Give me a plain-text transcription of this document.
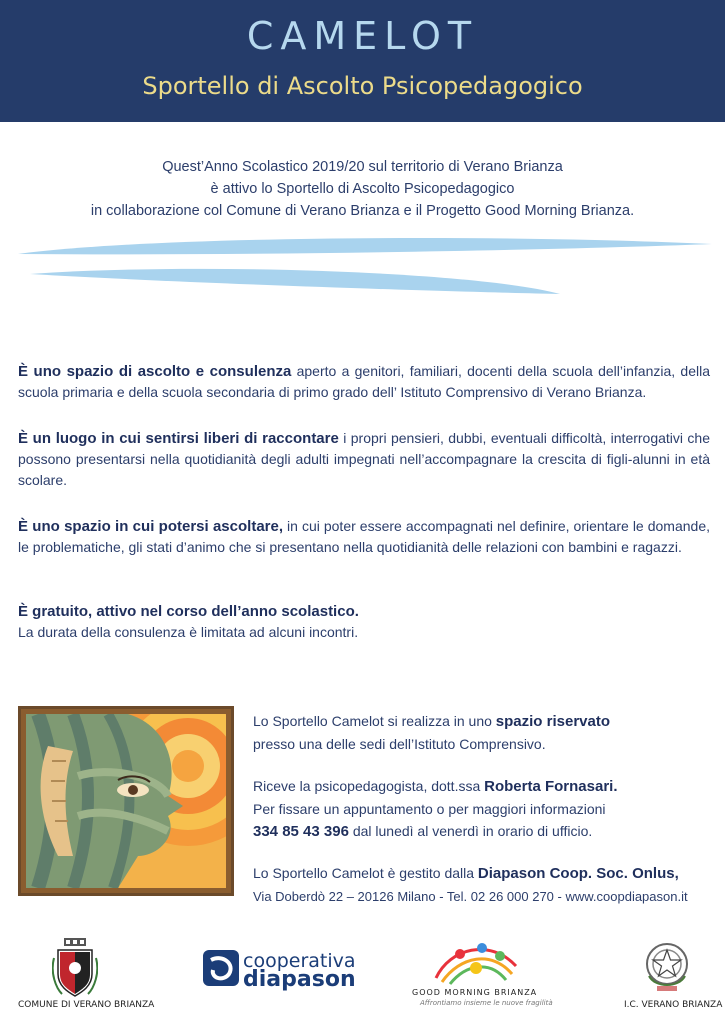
CAMELOT
Sportello di Ascolto Psicopedagogico
Quest’Anno Scolastico 2019/20 sul territorio di Verano Brianza
è attivo lo Sportello di Ascolto Psicopedagogico
in collaborazione col Comune di Verano Brianza e il Progetto Good Morning Brianza.
È uno spazio di ascolto e consulenza aperto a genitori, familiari, docenti della scuola dell’infanzia, della scuola primaria e della scuola secondaria di primo grado dell’ Istituto Comprensivo di Verano Brianza.
È un luogo in cui sentirsi liberi di raccontare i propri pensieri, dubbi, eventuali difficoltà, interrogativi che possono presentarsi nella quotidianità degli adulti impegnati nell’accompagnare la crescita di figli-alunni in età scolare.
È uno spazio in cui potersi ascoltare, in cui poter essere accompagnati nel definire, orientare le domande, le problematiche, gli stati d’animo che si presentano nella quotidianità delle relazioni con bambini e ragazzi.
È gratuito, attivo nel corso dell’anno scolastico.
La durata della consulenza è limitata ad alcuni incontri.
Lo Sportello Camelot si realizza in uno spazio riservato
presso una delle sedi dell’Istituto Comprensivo.
Riceve la psicopedagogista, dott.ssa Roberta Fornasari.
Per fissare un appuntamento o per maggiori informazioni
334 85 43 396 dal lunedì al venerdì in orario di ufficio.
Lo Sportello Camelot è gestito dalla Diapason Coop. Soc. Onlus,
Via Doberdò 22 – 20126 Milano - Tel. 02 26 000 270 - www.coopdiapason.it
COMUNE DI VERANO BRIANZA
cooperativa
diapason
GOOD MORNING BRIANZA
Affrontiamo insieme le nuove fragilità	I.C. VERANO BRIANZA
